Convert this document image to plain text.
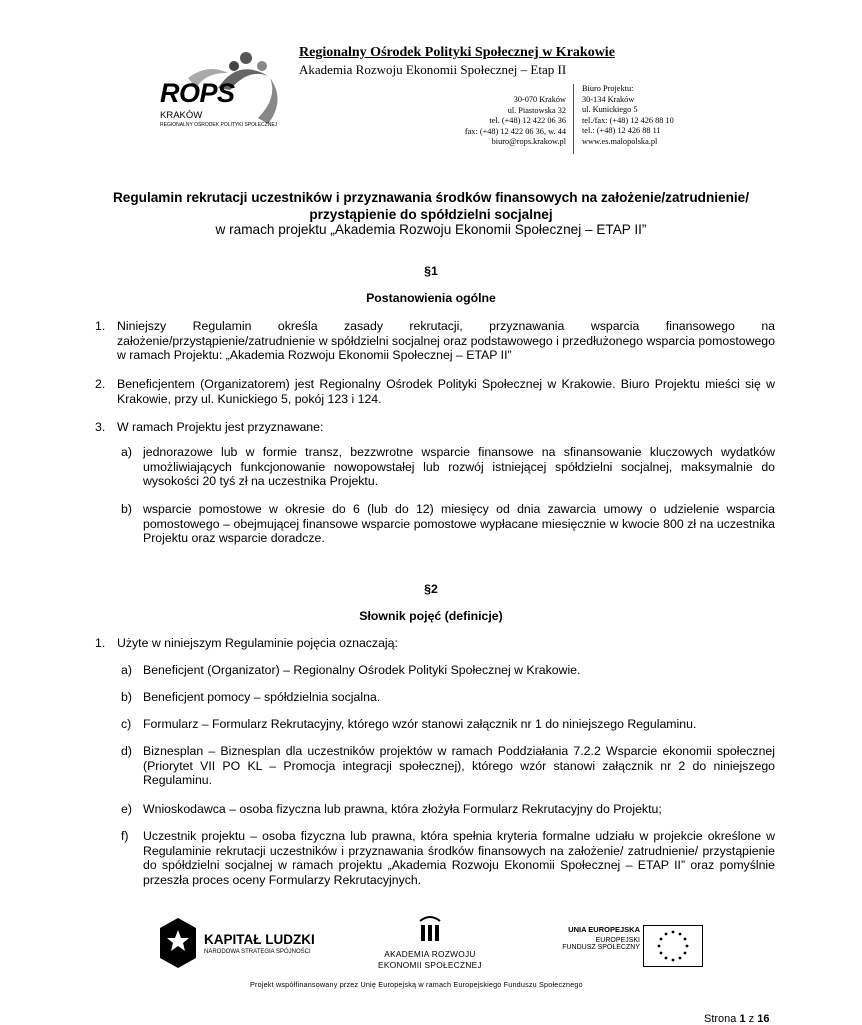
ROPS
KRAKÓW
REGIONALNY OŚRODEK POLITYKI SPOŁECZNEJ
Regionalny Ośrodek Polityki Społecznej w Krakowie
Akademia Rozwoju Ekonomii Społecznej – Etap II
30-070 Kraków
ul. Piastowska 32
tel. (+48) 12 422 06 36
fax: (+48) 12 422 06 36, w. 44
biuro@rops.krakow.pl
Biuro Projektu:
30-134 Kraków
ul. Kunickiego 5
tel./fax: (+48) 12 426 88 10
tel.: (+48) 12 426 88 11
www.es.malopolska.pl
Regulamin rekrutacji uczestników i przyznawania środków finansowych na założenie/zatrudnienie/
przystąpienie do spółdzielni socjalnej
w ramach projektu „Akademia Rozwoju Ekonomii Społecznej – ETAP II”
§1
Postanowienia ogólne
1. Niniejszy Regulamin określa zasady rekrutacji, przyznawania wsparcia finansowego na założenie/przystąpienie/zatrudnienie w spółdzielni socjalnej oraz podstawowego i przedłużonego wsparcia pomostowego w ramach Projektu: „Akademia Rozwoju Ekonomii Społecznej – ETAP II”
2. Beneficjentem (Organizatorem) jest Regionalny Ośrodek Polityki Społecznej w Krakowie. Biuro Projektu mieści się w Krakowie, przy ul. Kunickiego 5, pokój 123 i 124.
3. W ramach Projektu jest przyznawane:
a) jednorazowe lub w formie transz, bezzwrotne wsparcie finansowe na sfinansowanie kluczowych wydatków umożliwiających funkcjonowanie nowopowstałej lub rozwój istniejącej spółdzielni socjalnej, maksymalnie do wysokości 20 tyś zł na uczestnika Projektu.
b) wsparcie pomostowe w okresie do 6 (lub do 12) miesięcy od dnia zawarcia umowy o udzielenie wsparcia pomostowego – obejmującej finansowe wsparcie pomostowe wypłacane miesięcznie w kwocie 800 zł na uczestnika Projektu oraz wsparcie doradcze.
§2
Słownik pojęć (definicje)
1. Użyte w niniejszym Regulaminie pojęcia oznaczają:
a) Beneficjent (Organizator) – Regionalny Ośrodek Polityki Społecznej w Krakowie.
b) Beneficjent pomocy – spółdzielnia socjalna.
c) Formularz – Formularz Rekrutacyjny, którego wzór stanowi załącznik nr 1 do niniejszego Regulaminu.
d) Biznesplan – Biznesplan dla uczestników projektów w ramach Poddziałania 7.2.2 Wsparcie ekonomii społecznej (Priorytet VII PO KL – Promocja integracji społecznej), którego wzór stanowi załącznik nr 2 do niniejszego Regulaminu.
e) Wnioskodawca – osoba fizyczna lub prawna, która złożyła Formularz Rekrutacyjny do Projektu;
f) Uczestnik projektu – osoba fizyczna lub prawna, która spełnia kryteria formalne udziału w projekcie określone w Regulaminie rekrutacji uczestników i przyznawania środków finansowych na założenie/ zatrudnienie/ przystąpienie do spółdzielni socjalnej w ramach projektu „Akademia Rozwoju Ekonomii Społecznej – ETAP II” oraz pomyślnie przeszła proces oceny Formularzy Rekrutacyjnych.
KAPITAŁ LUDZKI
NARODOWA STRATEGIA SPÓJNOŚCI	AKADEMIA ROZWOJU
EKONOMII SPOŁECZNEJ
UNIA EUROPEJSKA
EUROPEJSKI
FUNDUSZ SPOŁECZNY
Projekt współfinansowany przez Unię Europejską w ramach Europejskiego Funduszu Społecznego
Strona 1 z 16
